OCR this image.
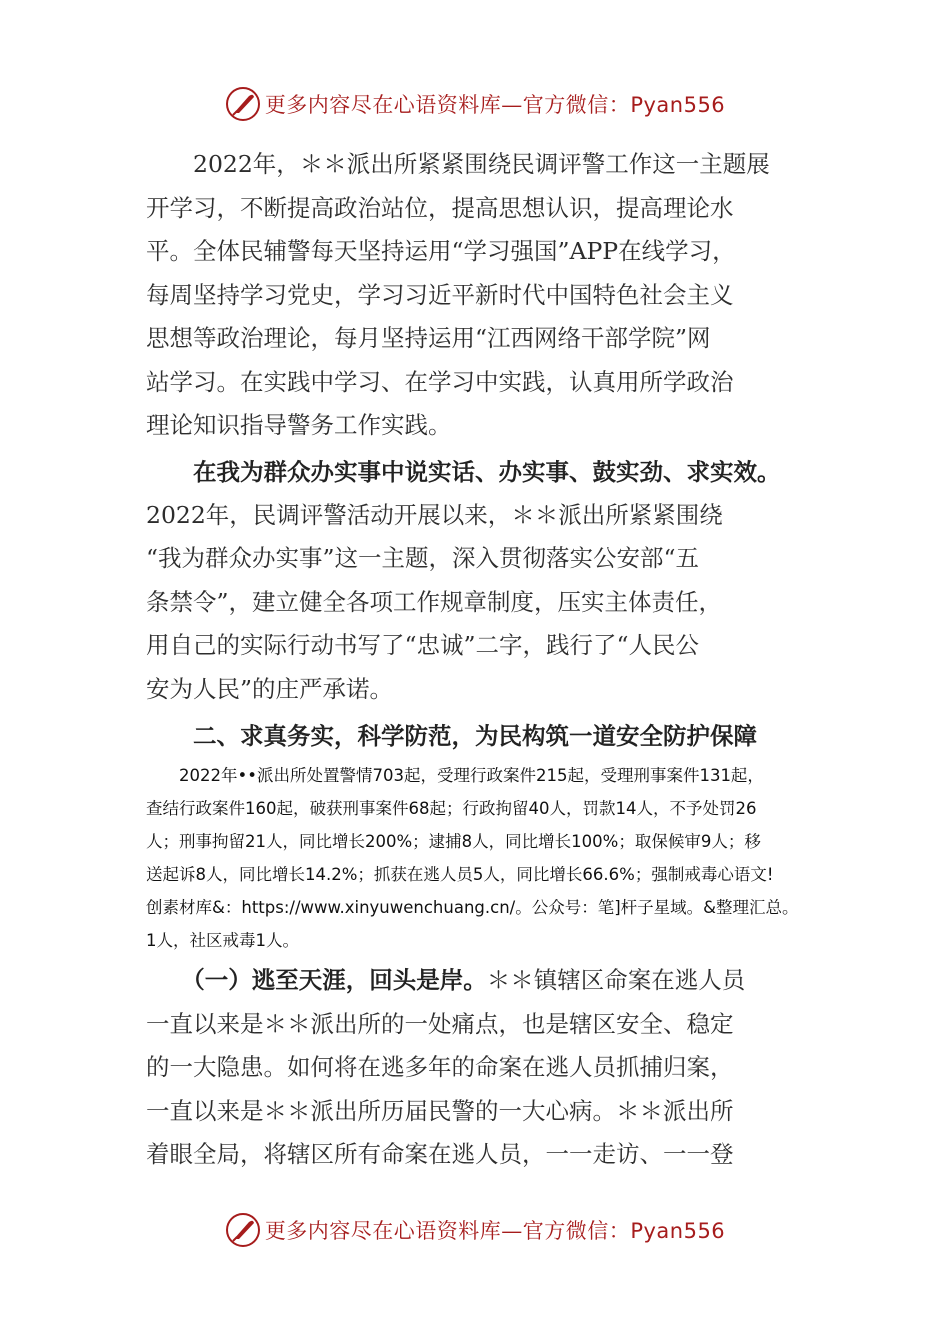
更多内容尽在心语资料库—官方微信：Pyan556
　　2022年，＊＊派出所紧紧围绕民调评警工作这一主题展
开学习，不断提高政治站位，提高思想认识，提高理论水
平。全体民辅警每天坚持运用“学习强国”APP在线学习，
每周坚持学习党史，学习习近平新时代中国特色社会主义
思想等政治理论，每月坚持运用“江西网络干部学院”网
站学习。在实践中学习、在学习中实践，认真用所学政治
理论知识指导警务工作实践。
　　在我为群众办实事中说实话、办实事、鼓实劲、求实效。
2022年，民调评警活动开展以来，＊＊派出所紧紧围绕
“我为群众办实事”这一主题，深入贯彻落实公安部“五
条禁令”，建立健全各项工作规章制度，压实主体责任，
用自己的实际行动书写了“忠诚”二字，践行了“人民公
安为人民”的庄严承诺。
　　二、求真务实，科学防范，为民构筑一道安全防护保障
　　2022年••派出所处置警情703起，受理行政案件215起，受理刑事案件131起，
查结行政案件160起，破获刑事案件68起；行政拘留40人，罚款14人，不予处罚26
人；刑事拘留21人，同比增长200%；逮捕8人，同比增长100%；取保候审9人；移
送起诉8人，同比增长14.2%；抓获在逃人员5人，同比增长66.6%；强制戒毒心语文!
创素材库&：https://www.xinyuwenchuang.cn/。公众号：笔]杆子星域。&整理汇总。
1人，社区戒毒1人。
　　（一）逃至天涯，回头是岸。＊＊镇辖区命案在逃人员
一直以来是＊＊派出所的一处痛点，也是辖区安全、稳定
的一大隐患。如何将在逃多年的命案在逃人员抓捕归案，
一直以来是＊＊派出所历届民警的一大心病。＊＊派出所
着眼全局，将辖区所有命案在逃人员，一一走访、一一登
更多内容尽在心语资料库—官方微信：Pyan556
